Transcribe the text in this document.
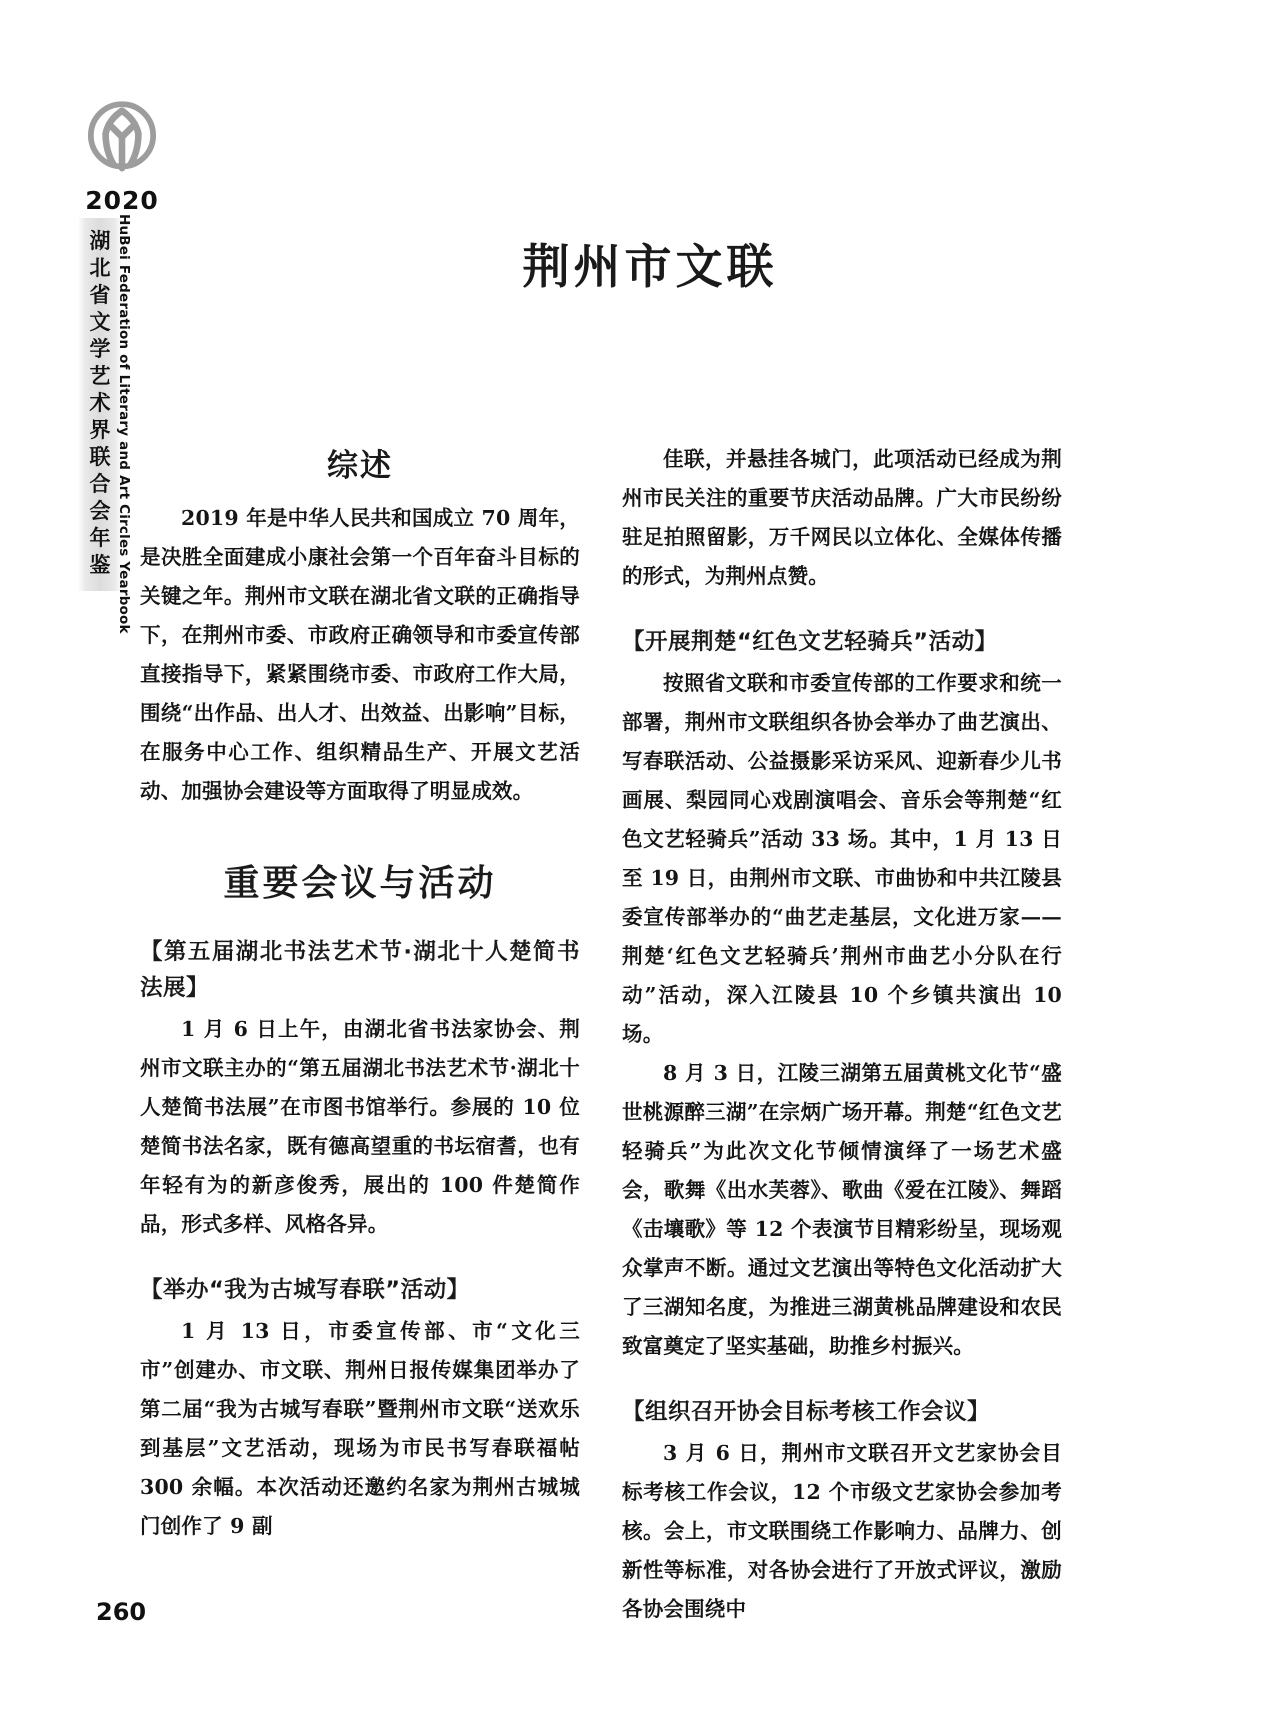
2020
湖
北
省
文
学
艺
术
界
联
合
会
年
鉴 HuBei Federation of Literary and Art Circles Yearbook
260
荆州市文联
综述

2019 年是中华人民共和国成立 70 周年，是决胜全面建成小康社会第一个百年奋斗目标的关键之年。荆州市文联在湖北省文联的正确指导下，在荆州市委、市政府正确领导和市委宣传部直接指导下，紧紧围绕市委、市政府工作大局，围绕“出作品、出人才、出效益、出影响”目标，在服务中心工作、组织精品生产、开展文艺活动、加强协会建设等方面取得了明显成效。

重要会议与活动
【第五届湖北书法艺术节·湖北十人楚简书法展】

1 月 6 日上午，由湖北省书法家协会、荆州市文联主办的“第五届湖北书法艺术节·湖北十人楚简书法展”在市图书馆举行。参展的 10 位楚简书法名家，既有德高望重的书坛宿耆，也有年轻有为的新彦俊秀，展出的 100 件楚简作品，形式多样、风格各异。

【举办“我为古城写春联”活动】

1 月 13 日，市委宣传部、市“文化三市”创建办、市文联、荆州日报传媒集团举办了第二届“我为古城写春联”暨荆州市文联“送欢乐到基层”文艺活动，现场为市民书写春联福帖 300 余幅。本次活动还邀约名家为荆州古城城门创作了 9 副

佳联，并悬挂各城门，此项活动已经成为荆州市民关注的重要节庆活动品牌。广大市民纷纷驻足拍照留影，万千网民以立体化、全媒体传播的形式，为荆州点赞。

【开展荆楚“红色文艺轻骑兵”活动】

按照省文联和市委宣传部的工作要求和统一部署，荆州市文联组织各协会举办了曲艺演出、写春联活动、公益摄影采访采风、迎新春少儿书画展、梨园同心戏剧演唱会、音乐会等荆楚“红色文艺轻骑兵”活动 33 场。其中，1 月 13 日至 19 日，由荆州市文联、市曲协和中共江陵县委宣传部举办的“曲艺走基层，文化进万家——荆楚‘红色文艺轻骑兵’荆州市曲艺小分队在行动”活动，深入江陵县 10 个乡镇共演出 10 场。

8 月 3 日，江陵三湖第五届黄桃文化节“盛世桃源醉三湖”在宗炳广场开幕。荆楚“红色文艺轻骑兵”为此次文化节倾情演绎了一场艺术盛会，歌舞《出水芙蓉》、歌曲《爱在江陵》、舞蹈《击壤歌》等 12 个表演节目精彩纷呈，现场观众掌声不断。通过文艺演出等特色文化活动扩大了三湖知名度，为推进三湖黄桃品牌建设和农民致富奠定了坚实基础，助推乡村振兴。

【组织召开协会目标考核工作会议】

3 月 6 日，荆州市文联召开文艺家协会目标考核工作会议，12 个市级文艺家协会参加考核。会上，市文联围绕工作影响力、品牌力、创新性等标准，对各协会进行了开放式评议，激励各协会围绕中
